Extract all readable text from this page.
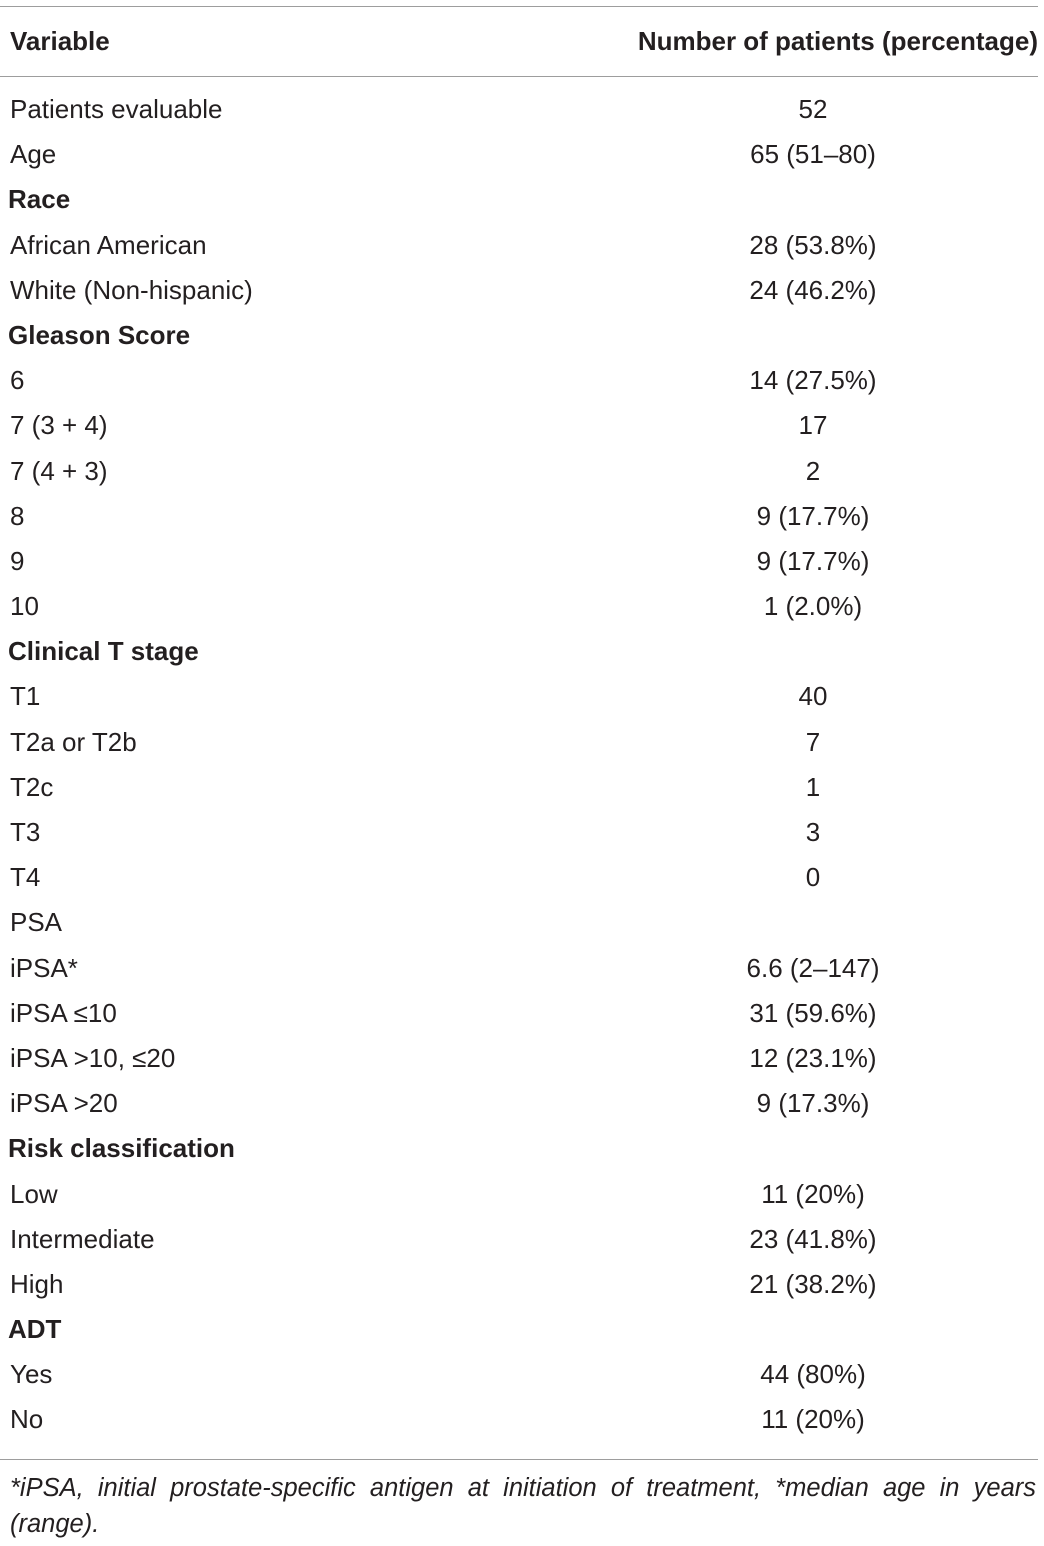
Variable	Number of patients (percentage)
Patients evaluable	52
Age	65 (51–80)
Race
African American	28 (53.8%)
White (Non-hispanic)	24 (46.2%)
Gleason Score
6	14 (27.5%)
7 (3 + 4)	17
7 (4 + 3)	2
8	9 (17.7%)
9	9 (17.7%)
10	1 (2.0%)
Clinical T stage
T1	40
T2a or T2b	7
T2c	1
T3	3
T4	0
PSA
iPSA*	6.6 (2–147)
iPSA ≤10	31 (59.6%)
iPSA >10, ≤20	12 (23.1%)
iPSA >20	9 (17.3%)
Risk classification
Low	11 (20%)
Intermediate	23 (41.8%)
High	21 (38.2%)
ADT
Yes	44 (80%)
No	11 (20%)
*iPSA, initial prostate-specific antigen at initiation of treatment, *median age in years (range).
